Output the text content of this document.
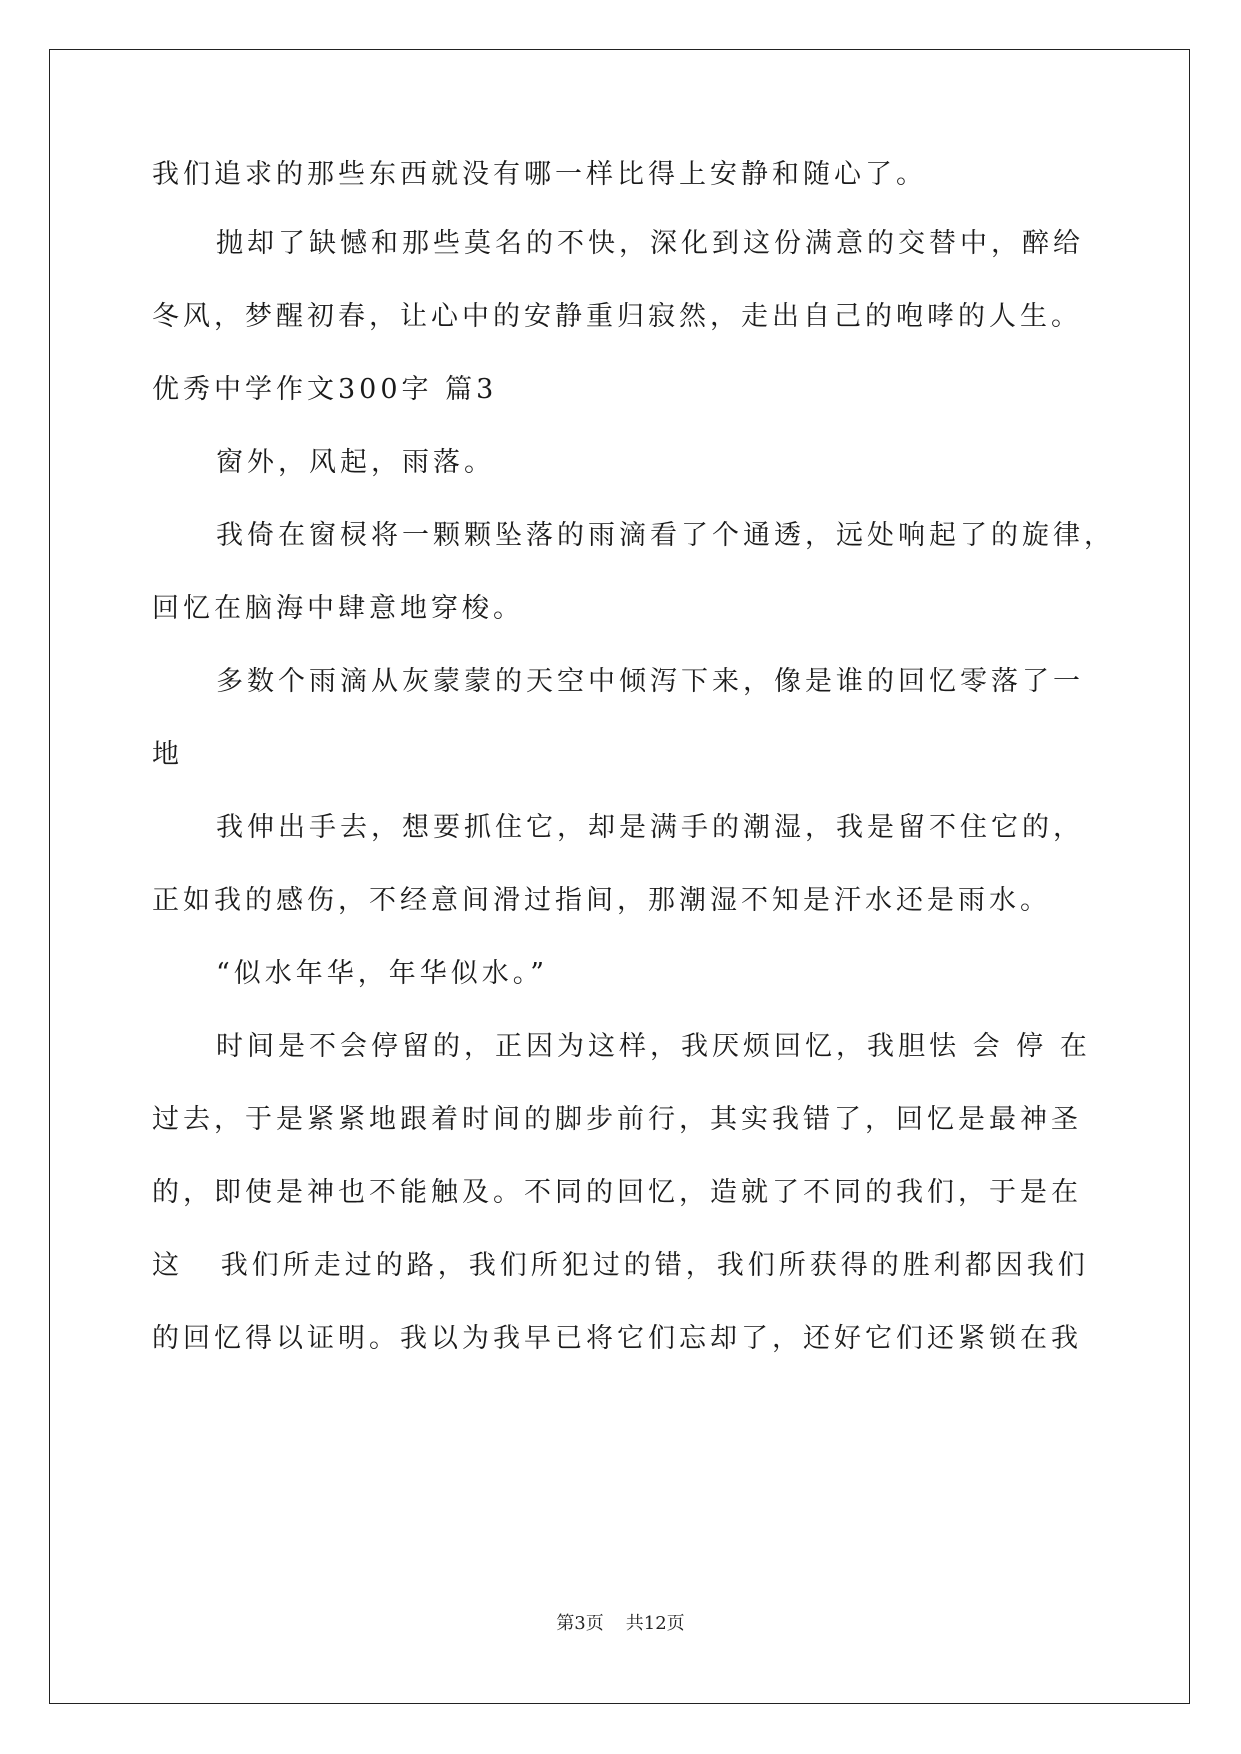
我们追求的那些东西就没有哪一样比得上安静和随心了。
抛却了缺憾和那些莫名的不快，深化到这份满意的交替中，醉给
冬风，梦醒初春，让心中的安静重归寂然，走出自己的咆哮的人生。
优秀中学作文300字 篇3
窗外，风起，雨落。
我倚在窗棂将一颗颗坠落的雨滴看了个通透，远处响起了的旋律，
回忆在脑海中肆意地穿梭。
多数个雨滴从灰蒙蒙的天空中倾泻下来，像是谁的回忆零落了一
地
我伸出手去，想要抓住它，却是满手的潮湿，我是留不住它的，
正如我的感伤，不经意间滑过指间，那潮湿不知是汗水还是雨水。
“似水年华，年华似水。”
时间是不会停留的，正因为这样，我厌烦回忆，我胆怯 会 停 在
过去，于是紧紧地跟着时间的脚步前行，其实我错了，回忆是最神圣
的，即使是神也不能触及。不同的回忆，造就了不同的我们，于是在
这   我们所走过的路，我们所犯过的错，我们所获得的胜利都因我们
的回忆得以证明。我以为我早已将它们忘却了，还好它们还紧锁在我
第3页 共12页
